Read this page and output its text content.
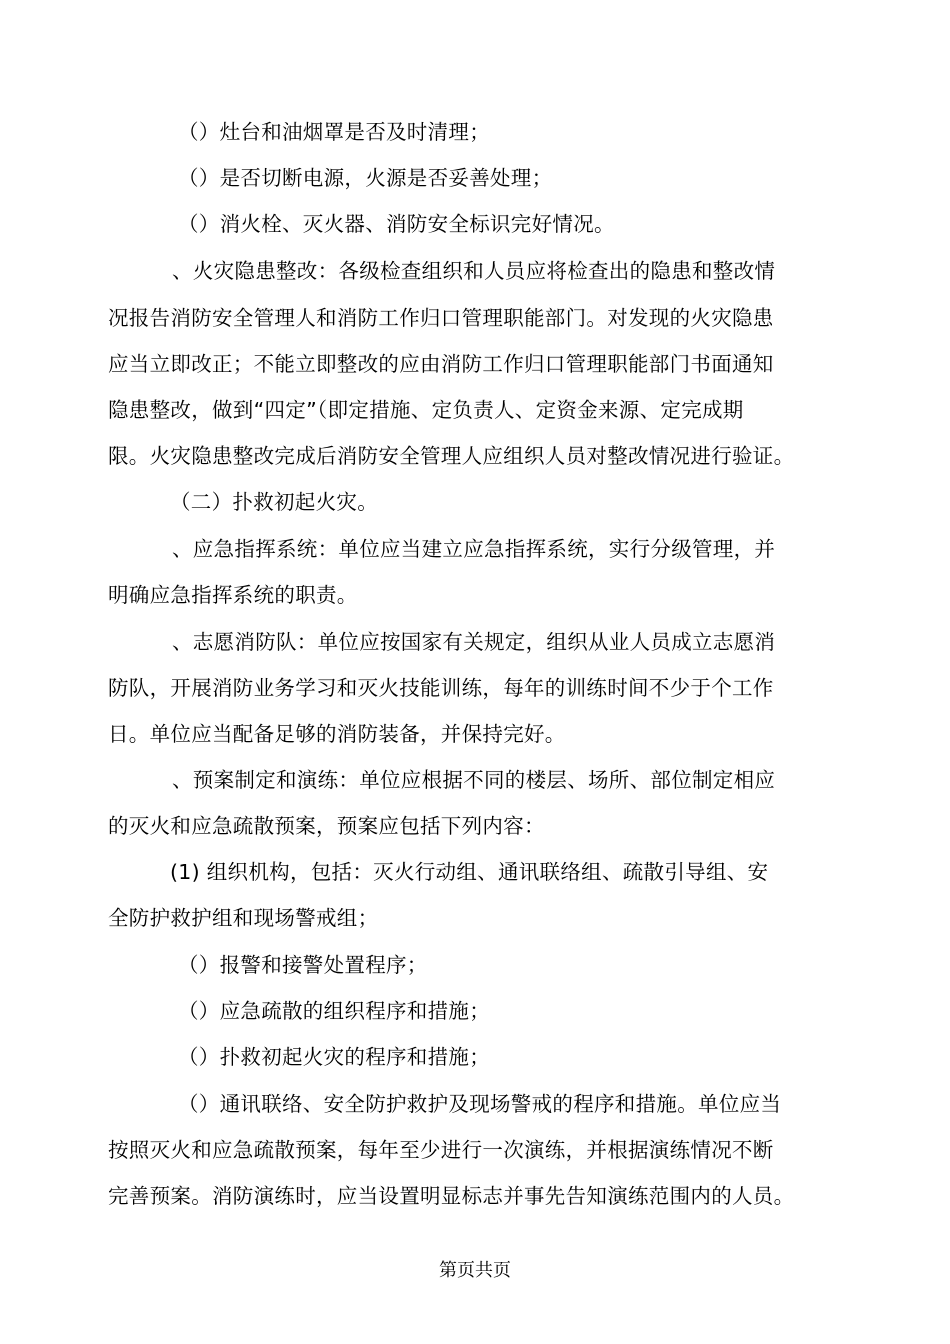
（）灶台和油烟罩是否及时清理；
（）是否切断电源，火源是否妥善处理；
（）消火栓、灭火器、消防安全标识完好情况。
、火灾隐患整改：各级检查组织和人员应将检查出的隐患和整改情
况报告消防安全管理人和消防工作归口管理职能部门。对发现的火灾隐患
应当立即改正；不能立即整改的应由消防工作归口管理职能部门书面通知
隐患整改，做到“四定”（即定措施、定负责人、定资金来源、定完成期
限。火灾隐患整改完成后消防安全管理人应组织人员对整改情况进行验证。
（二）扑救初起火灾。
、应急指挥系统：单位应当建立应急指挥系统，实行分级管理，并
明确应急指挥系统的职责。
、志愿消防队：单位应按国家有关规定，组织从业人员成立志愿消
防队，开展消防业务学习和灭火技能训练，每年的训练时间不少于个工作
日。单位应当配备足够的消防装备，并保持完好。
、预案制定和演练：单位应根据不同的楼层、场所、部位制定相应
的灭火和应急疏散预案，预案应包括下列内容：
(1) 组织机构，包括：灭火行动组、通讯联络组、疏散引导组、安
全防护救护组和现场警戒组；
（）报警和接警处置程序；
（）应急疏散的组织程序和措施；
（）扑救初起火灾的程序和措施；
（）通讯联络、安全防护救护及现场警戒的程序和措施。单位应当
按照灭火和应急疏散预案，每年至少进行一次演练，并根据演练情况不断
完善预案。消防演练时，应当设置明显标志并事先告知演练范围内的人员。
第页共页
